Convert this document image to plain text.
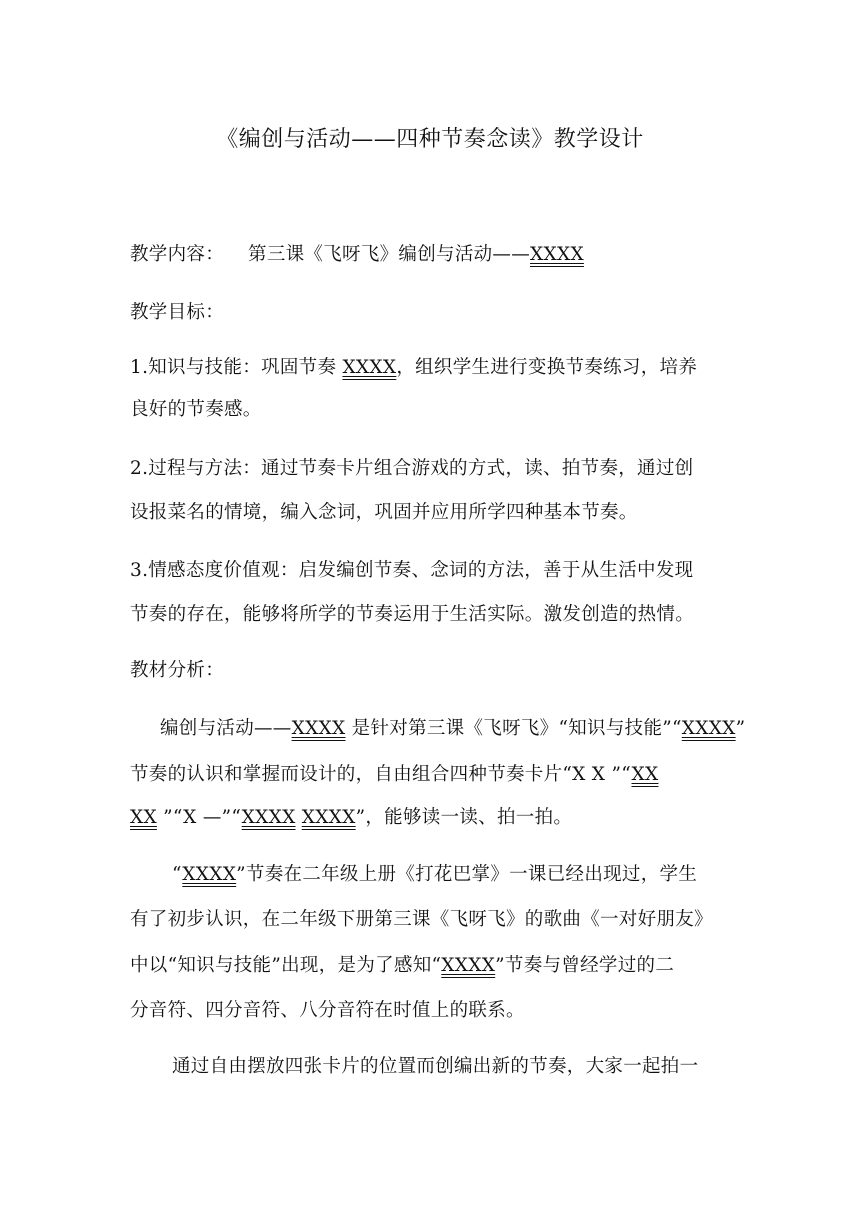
《编创与活动——四种节奏念读》教学设计
教学内容： 第三课《飞呀飞》编创与活动——XXXX
教学目标：
1.知识与技能：巩固节奏 XXXX，组织学生进行变换节奏练习，培养
良好的节奏感。
2.过程与方法：通过节奏卡片组合游戏的方式，读、拍节奏，通过创
设报菜名的情境，编入念词，巩固并应用所学四种基本节奏。
3.情感态度价值观：启发编创节奏、念词的方法，善于从生活中发现
节奏的存在，能够将所学的节奏运用于生活实际。激发创造的热情。
教材分析：
编创与活动——XXXX 是针对第三课《飞呀飞》“知识与技能”“XXXX”
节奏的认识和掌握而设计的，自由组合四种节奏卡片“X X ”“XX
XX ”“X —”“XXXX XXXX”，能够读一读、拍一拍。
“XXXX”节奏在二年级上册《打花巴掌》一课已经出现过，学生
有了初步认识，在二年级下册第三课《飞呀飞》的歌曲《一对好朋友》
中以“知识与技能”出现，是为了感知“XXXX”节奏与曾经学过的二
分音符、四分音符、八分音符在时值上的联系。
通过自由摆放四张卡片的位置而创编出新的节奏，大家一起拍一
